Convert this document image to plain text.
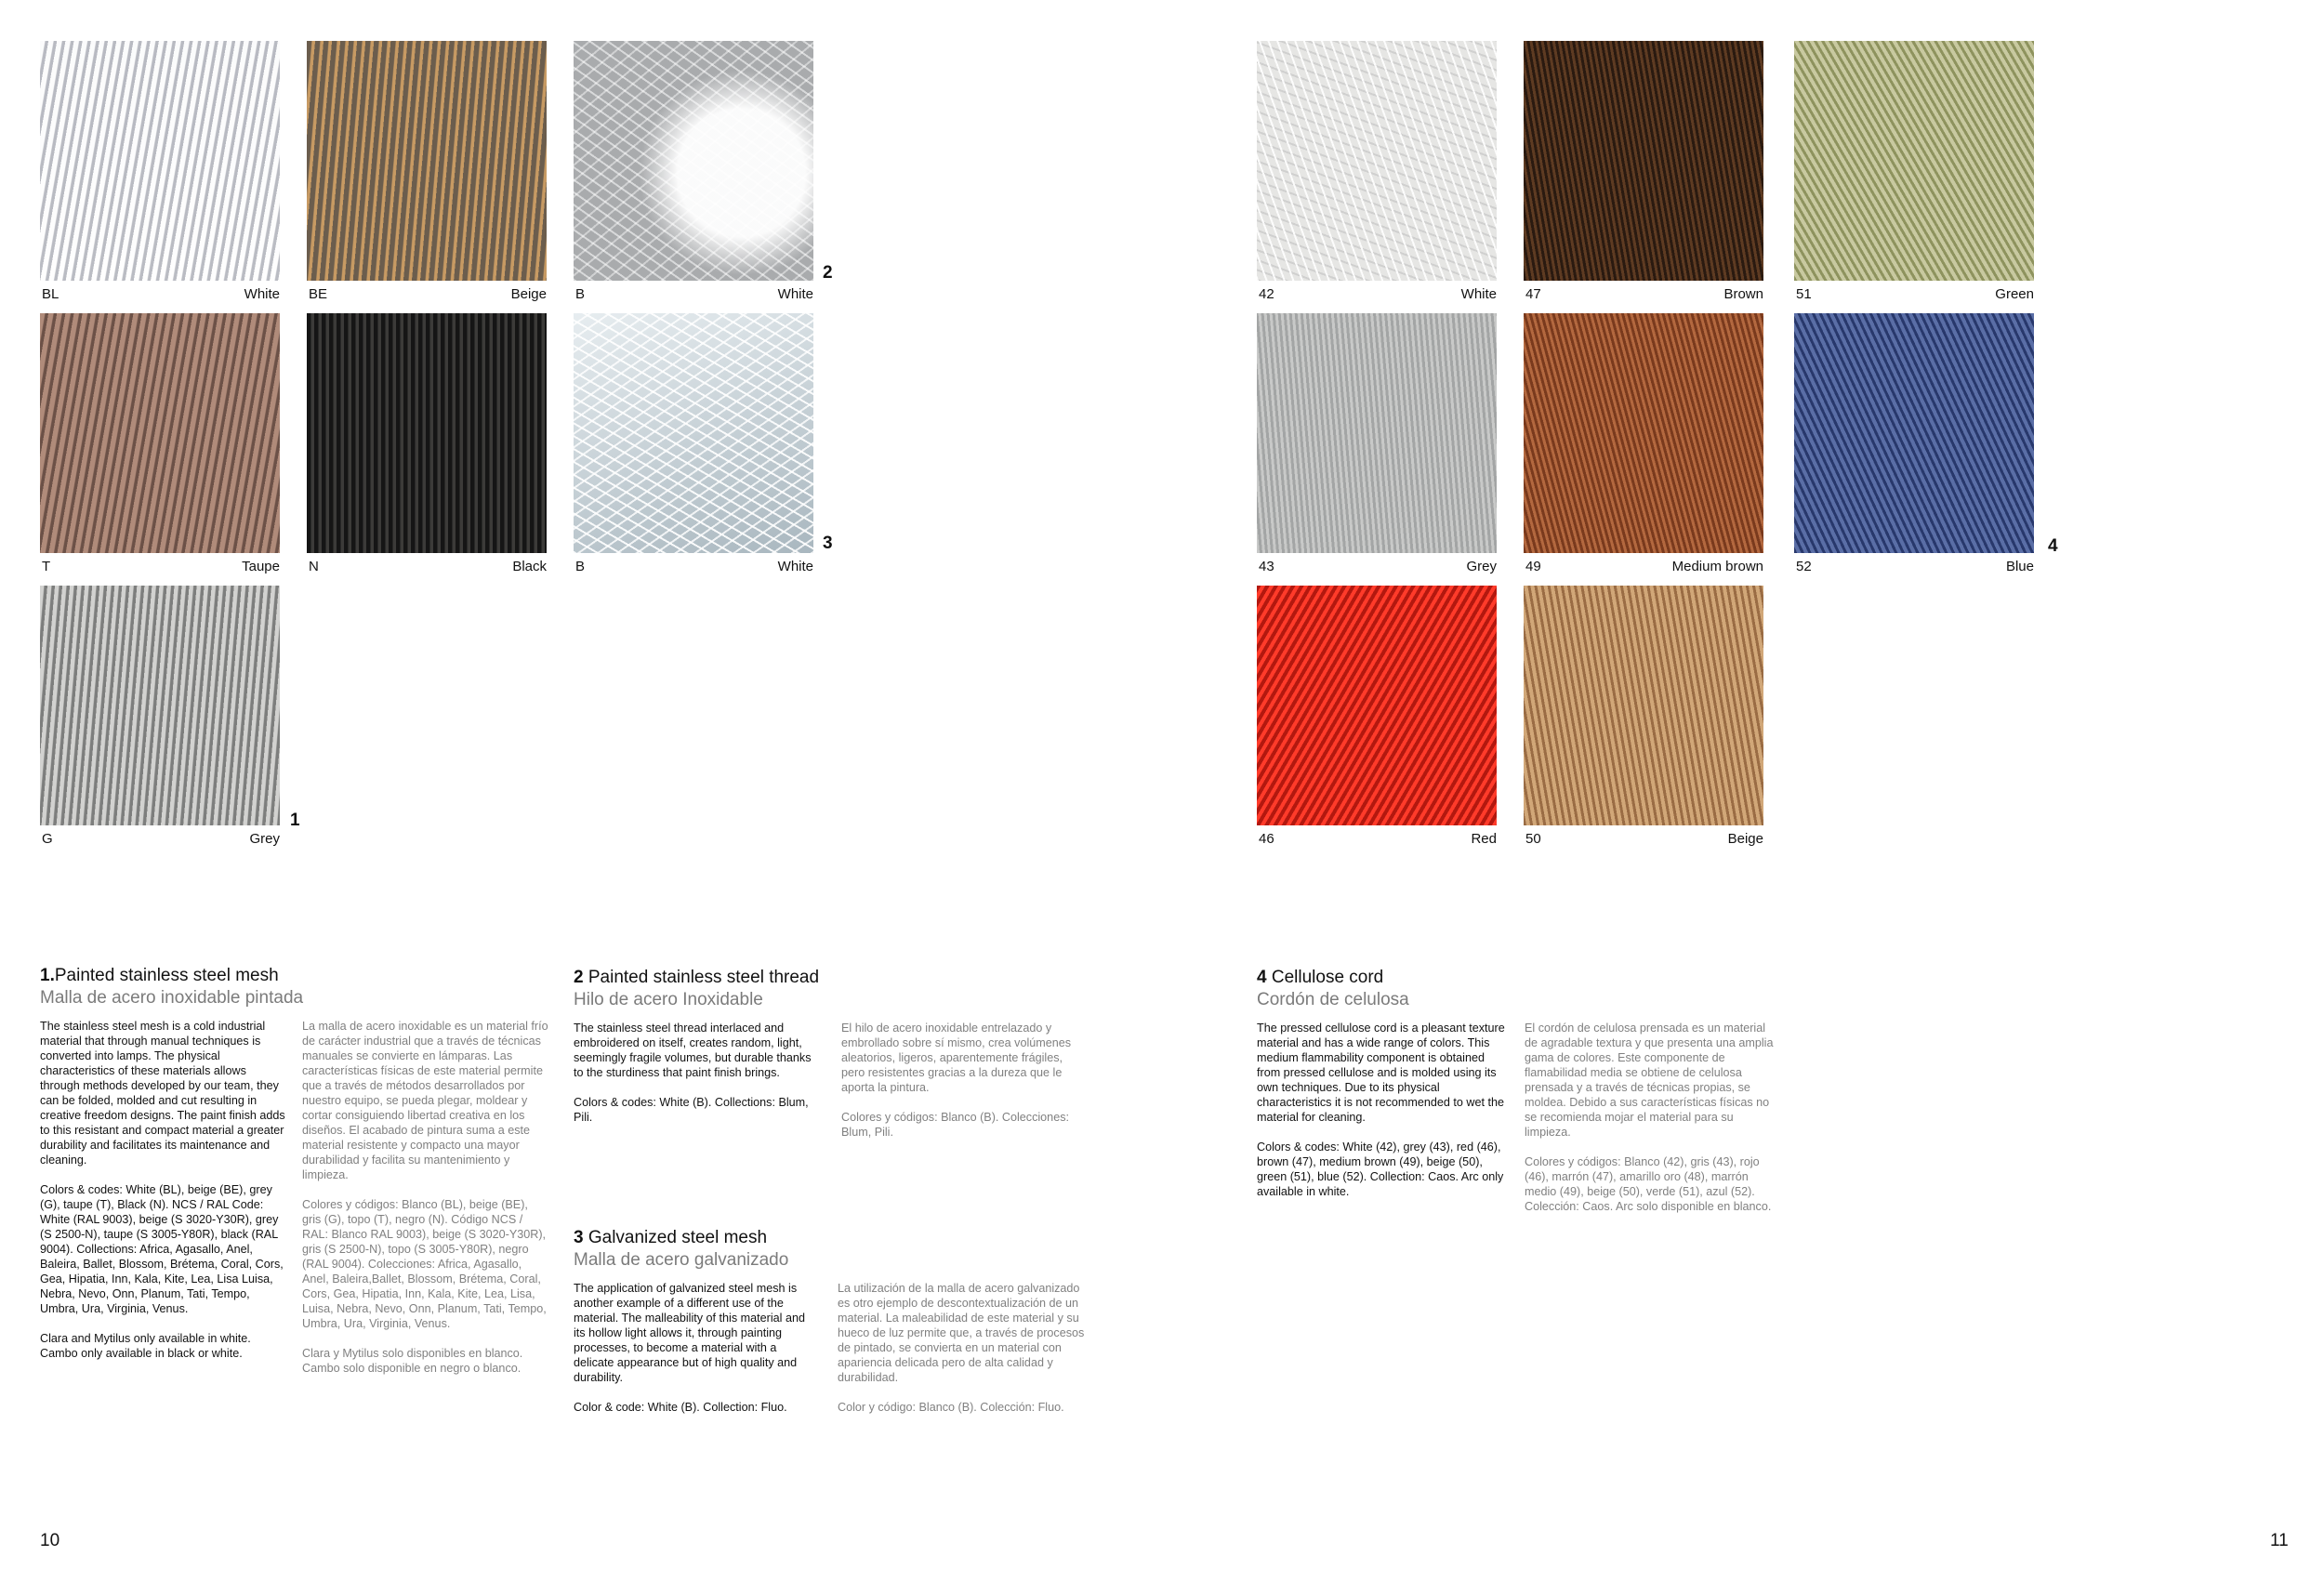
BL	White BE	Beige B	White
T	Taupe N	Black B	White
G	Grey
2
3
1
42	White 47	Brown 51	Green
43	Grey 49	Medium brown 52	Blue
46	Red 50	Beige
4
1.Painted stainless steel mesh
Malla de acero inoxidable pintada

The stainless steel mesh is a cold industrial material that through manual techniques is converted into lamps. The physical characteristics of these materials allows through methods developed by our team, they can be folded, molded and cut resulting in creative freedom designs. The paint finish adds to this resistant and compact material a greater durability and facilitates its maintenance and cleaning.

Colors & codes: White (BL), beige (BE), grey (G), taupe (T), Black (N). NCS / RAL Code: White (RAL 9003), beige (S 3020-Y30R), grey (S 2500-N), taupe (S 3005-Y80R), black (RAL 9004). Collections: Africa, Agasallo, Anel, Baleira, Ballet, Blossom, Brétema, Coral, Cors, Gea, Hipatia, Inn, Kala, Kite, Lea, Lisa Luisa, Nebra, Nevo, Onn, Planum, Tati, Tempo, Umbra, Ura, Virginia, Venus.

Clara and Mytilus only available in white. Cambo only available in black or white.

La malla de acero inoxidable es un material frío de carácter industrial que a través de técnicas manuales se convierte en lámparas. Las características físicas de este material permite que a través de métodos desarrollados por nuestro equipo, se pueda plegar, moldear y cortar consiguiendo libertad creativa en los diseños. El acabado de pintura suma a este material resistente y compacto una mayor durabilidad y facilita su mantenimiento y limpieza.

Colores y códigos: Blanco (BL), beige (BE), gris (G), topo (T), negro (N). Código NCS / RAL: Blanco RAL 9003), beige (S 3020-Y30R), gris (S 2500-N), topo (S 3005-Y80R), negro (RAL 9004). Colecciones: Africa, Agasallo, Anel, Baleira,Ballet, Blossom, Brétema, Coral, Cors, Gea, Hipatia, Inn, Kala, Kite, Lea, Lisa, Luisa, Nebra, Nevo, Onn, Planum, Tati, Tempo, Umbra, Ura, Virginia, Venus.

Clara y Mytilus solo disponibles en blanco. Cambo solo disponible en negro o blanco.

2 Painted stainless steel thread
Hilo de acero Inoxidable

The stainless steel thread interlaced and embroidered on itself, creates random, light, seemingly fragile volumes, but durable thanks to the sturdiness that paint finish brings.

Colors & codes: White (B). Collections: Blum, Pili.

El hilo de acero inoxidable entrelazado y embrollado sobre sí mismo, crea volúmenes aleatorios, ligeros, aparentemente frágiles, pero resistentes gracias a la dureza que le aporta la pintura.

Colores y códigos: Blanco (B). Colecciones: Blum, Pili.

3 Galvanized steel mesh
Malla de acero galvanizado

The application of galvanized steel mesh is another example of a different use of the material. The malleability of this material and its hollow light allows it, through painting processes, to become a material with a delicate appearance but of high quality and durability.

Color & code: White (B). Collection: Fluo.

La utilización de la malla de acero galvanizado es otro ejemplo de descontextualización de un material. La maleabilidad de este material y su hueco de luz permite que, a través de procesos de pintado, se convierta en un material con apariencia delicada pero de alta calidad y durabilidad.

Color y código: Blanco (B). Colección: Fluo.

4 Cellulose cord
Cordón de celulosa

The pressed cellulose cord is a pleasant texture material and has a wide range of colors. This medium flammability component is obtained from pressed cellulose and is molded using its own techniques. Due to its physical characteristics it is not recommended to wet the material for cleaning.

Colors & codes: White (42), grey (43), red (46), brown (47), medium brown (49), beige (50), green (51), blue (52). Collection: Caos. Arc only available in white.

El cordón de celulosa prensada es un material de agradable textura y que presenta una amplia gama de colores. Este componente de flamabilidad media se obtiene de celulosa prensada y a través de técnicas propias, se moldea. Debido a sus características físicas no se recomienda mojar el material para su limpieza.

Colores y códigos: Blanco (42), gris (43), rojo (46), marrón (47), amarillo oro (48), marrón medio (49), beige (50), verde (51), azul (52). Colección: Caos. Arc solo disponible en blanco.

10	11
